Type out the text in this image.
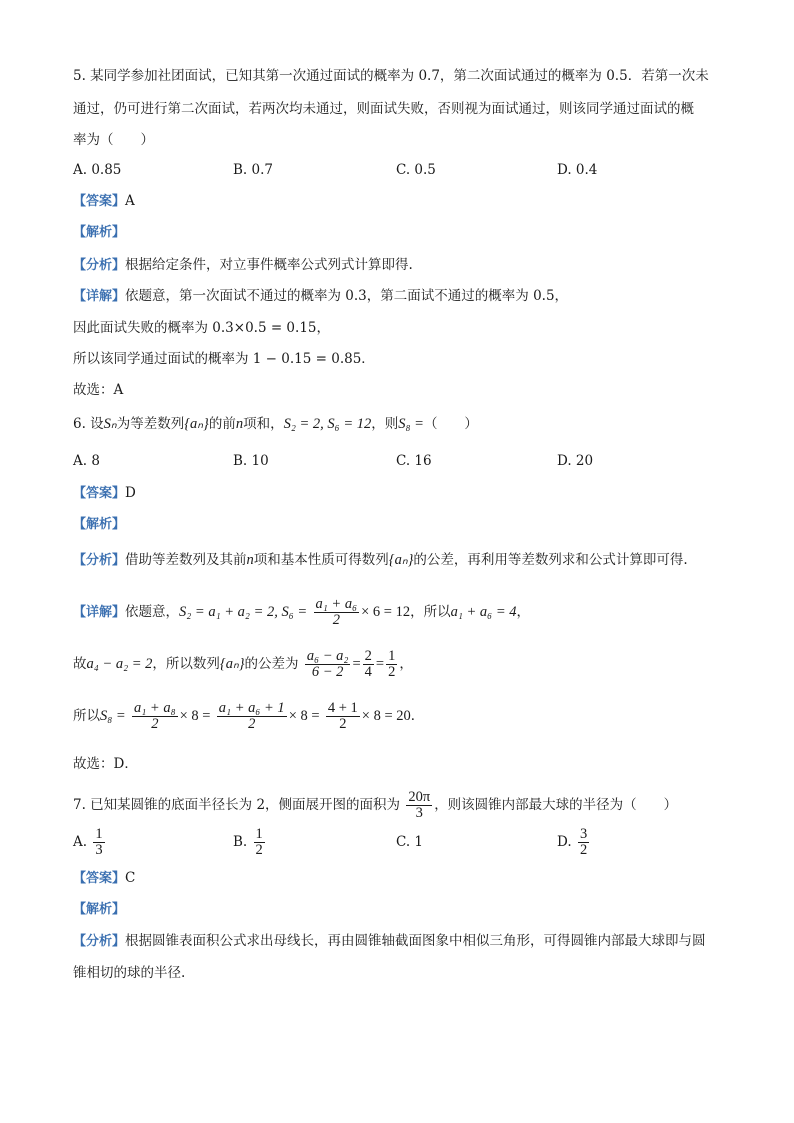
5. 某同学参加社团面试，已知其第一次通过面试的概率为 0.7，第二次面试通过的概率为 0.5．若第一次未
通过，仍可进行第二次面试，若两次均未通过，则面试失败，否则视为面试通过，则该同学通过面试的概
率为（　　）
A. 0.85	B. 0.7	C. 0.5	D. 0.4
【答案】A
【解析】
【分析】根据给定条件，对立事件概率公式列式计算即得.
【详解】依题意，第一次面试不通过的概率为 0.3，第二面试不通过的概率为 0.5，
因此面试失败的概率为 0.3×0.5 = 0.15，
所以该同学通过面试的概率为 1 − 0.15 = 0.85．
故选：A
6. 设Sₙ为等差数列{aₙ}的前n项和，S₂ = 2, S₆ = 12，则S₈ =（　　）
A. 8	B. 10	C. 16	D. 20
【答案】D
【解析】
【分析】借助等差数列及其前n项和基本性质可得数列{aₙ}的公差，再利用等差数列求和公式计算即可得.
【详解】依题意，S₂ = a₁ + a₂ = 2, $S_6 = \frac{\text{a₁ + a₆}}{2} \times 6 = 12$，所以a₁ + a₆ = 4，
故a₄ − a₂ = 2，所以数列{aₙ}的公差为 $\frac{\text{a₆ − a₂}}{6 - 2} = \frac{2}{4} = \frac{1}{2}$ ，
所以$S_8 = \frac{\text{a₁ + a₈}}{2} \times 8 = \frac{\text{a₁ + a₆ + 1}}{2} \times 8 = \frac{4 + 1}{2} \times 8 = 20$．
故选：D．
7. 已知某圆锥的底面半径长为 2，侧面展开图的面积为 $\frac{20\pi}{3}$ ，则该圆锥内部最大球的半径为（　　）
A. $\frac{1}{3}$	B. $\frac{1}{2}$	C. 1	D. $\frac{3}{2}$
【答案】C
【解析】
【分析】根据圆锥表面积公式求出母线长，再由圆锥轴截面图象中相似三角形，可得圆锥内部最大球即与圆
锥相切的球的半径.
